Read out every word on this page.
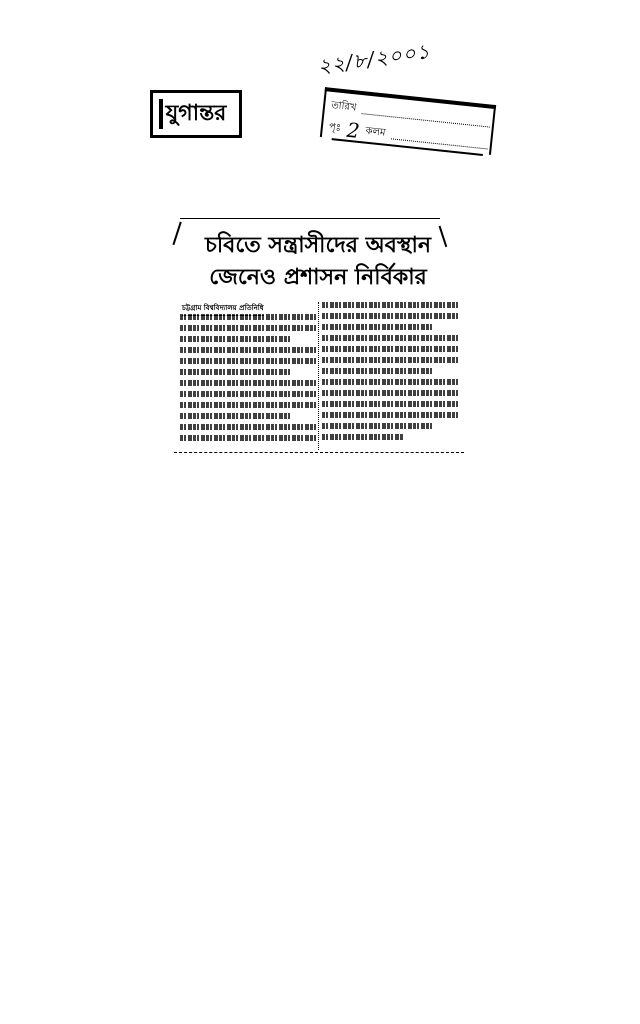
২২/৮/২০০১
যুগান্তর	তারিখ
পৃঃ 2 কলম
চবিতে সন্ত্রাসীদের অবস্থান
জেনেও প্রশাসন নির্বিকার
চট্টগ্রাম বিশ্ববিদ্যালয় প্রতিনিধি
